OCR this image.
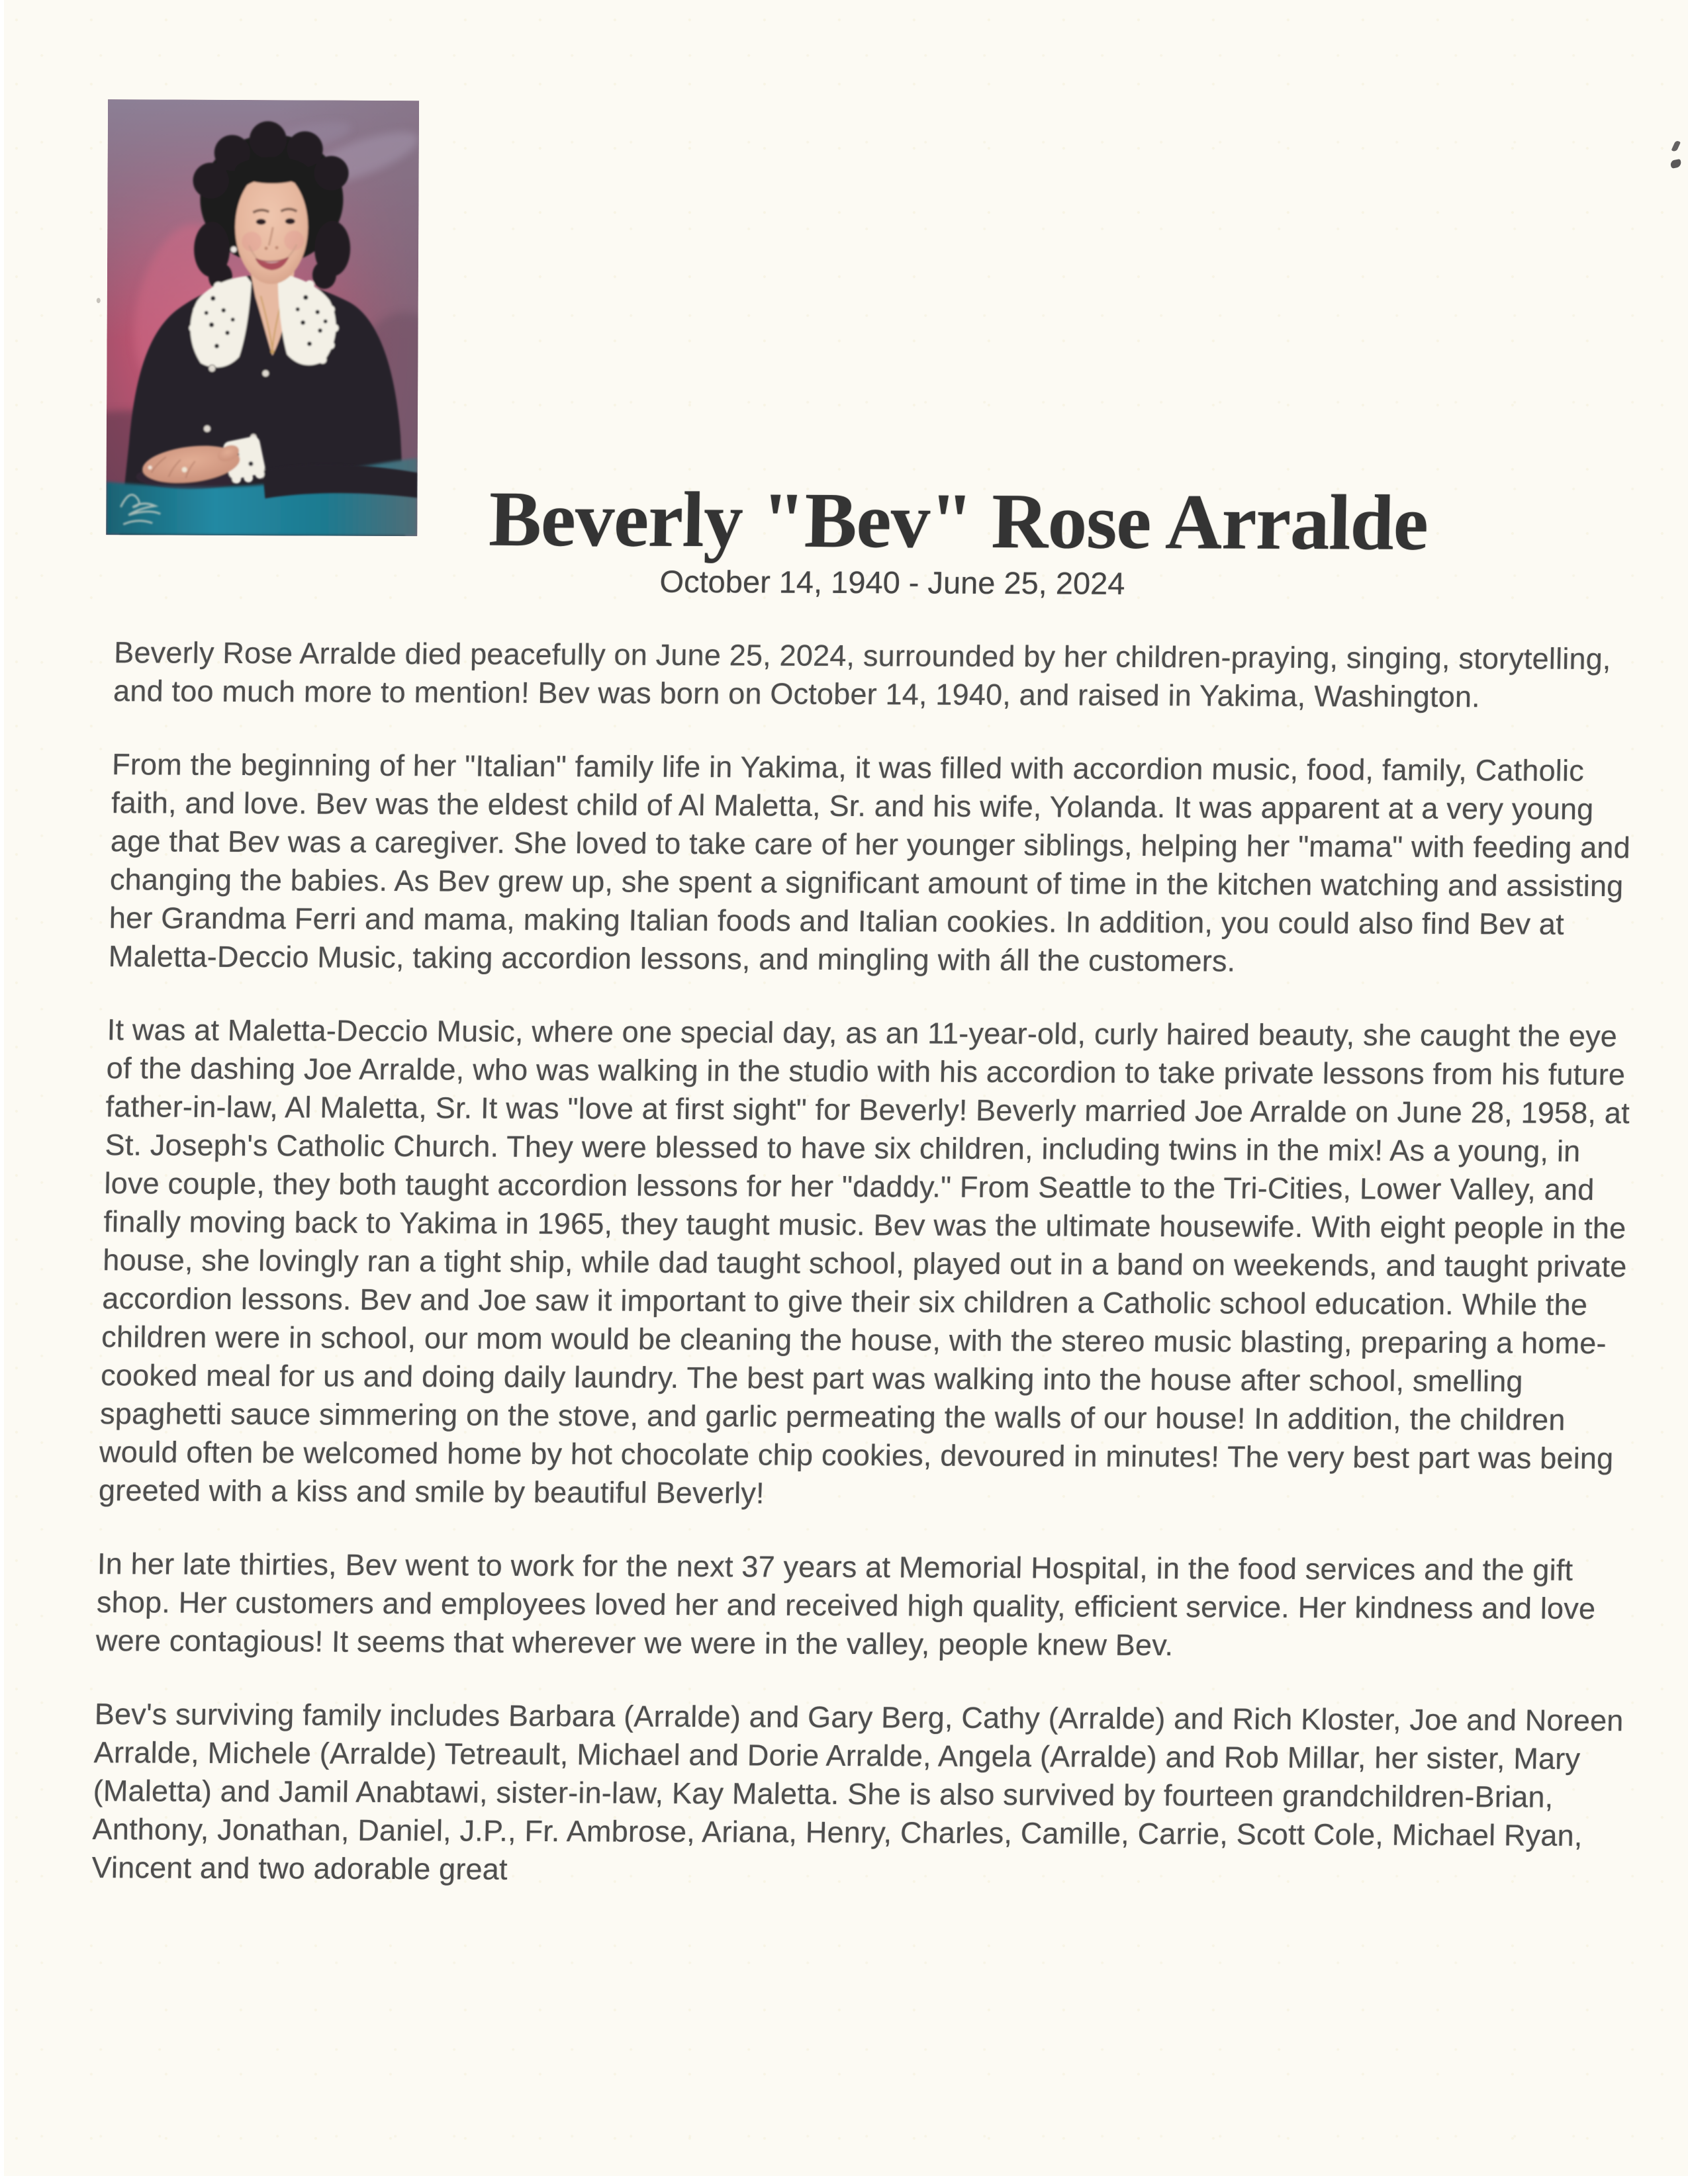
Beverly "Bev" Rose Arralde
October 14, 1940 - June 25, 2024

Beverly Rose Arralde died peacefully on June 25, 2024, surrounded by her children-praying, singing, storytelling, and too much more to mention! Bev was born on October 14, 1940, and raised in Yakima, Washington.

From the beginning of her "Italian" family life in Yakima, it was filled with accordion music, food, family, Catholic faith, and love. Bev was the eldest child of Al Maletta, Sr. and his wife, Yolanda. It was apparent at a very young age that Bev was a caregiver. She loved to take care of her younger siblings, helping her "mama" with feeding and changing the babies. As Bev grew up, she spent a significant amount of time in the kitchen watching and assisting her Grandma Ferri and mama, making Italian foods and Italian cookies. In addition, you could also find Bev at Maletta-Deccio Music, taking accordion lessons, and mingling with áll the customers.

It was at Maletta-Deccio Music, where one special day, as an 11-year-old, curly haired beauty, she caught the eye of the dashing Joe Arralde, who was walking in the studio with his accordion to take private lessons from his future father-in-law, Al Maletta, Sr. It was "love at first sight" for Beverly! Beverly married Joe Arralde on June 28, 1958, at St. Joseph's Catholic Church. They were blessed to have six children, including twins in the mix! As a young, in love couple, they both taught accordion lessons for her "daddy." From Seattle to the Tri-Cities, Lower Valley, and finally moving back to Yakima in 1965, they taught music. Bev was the ultimate housewife. With eight people in the house, she lovingly ran a tight ship, while dad taught school, played out in a band on weekends, and taught private accordion lessons. Bev and Joe saw it important to give their six children a Catholic school education. While the children were in school, our mom would be cleaning the house, with the stereo music blasting, preparing a home-cooked meal for us and doing daily laundry. The best part was walking into the house after school, smelling spaghetti sauce simmering on the stove, and garlic permeating the walls of our house! In addition, the children would often be welcomed home by hot chocolate chip cookies, devoured in minutes! The very best part was being greeted with a kiss and smile by beautiful Beverly!

In her late thirties, Bev went to work for the next 37 years at Memorial Hospital, in the food services and the gift shop. Her customers and employees loved her and received high quality, efficient service. Her kindness and love were contagious! It seems that wherever we were in the valley, people knew Bev.

Bev's surviving family includes Barbara (Arralde) and Gary Berg, Cathy (Arralde) and Rich Kloster, Joe and Noreen Arralde, Michele (Arralde) Tetreault, Michael and Dorie Arralde, Angela (Arralde) and Rob Millar, her sister, Mary (Maletta) and Jamil Anabtawi, sister-in-law, Kay Maletta. She is also survived by fourteen grandchildren-Brian, Anthony, Jonathan, Daniel, J.P., Fr. Ambrose, Ariana, Henry, Charles, Camille, Carrie, Scott Cole, Michael Ryan, Vincent and two adorable great
